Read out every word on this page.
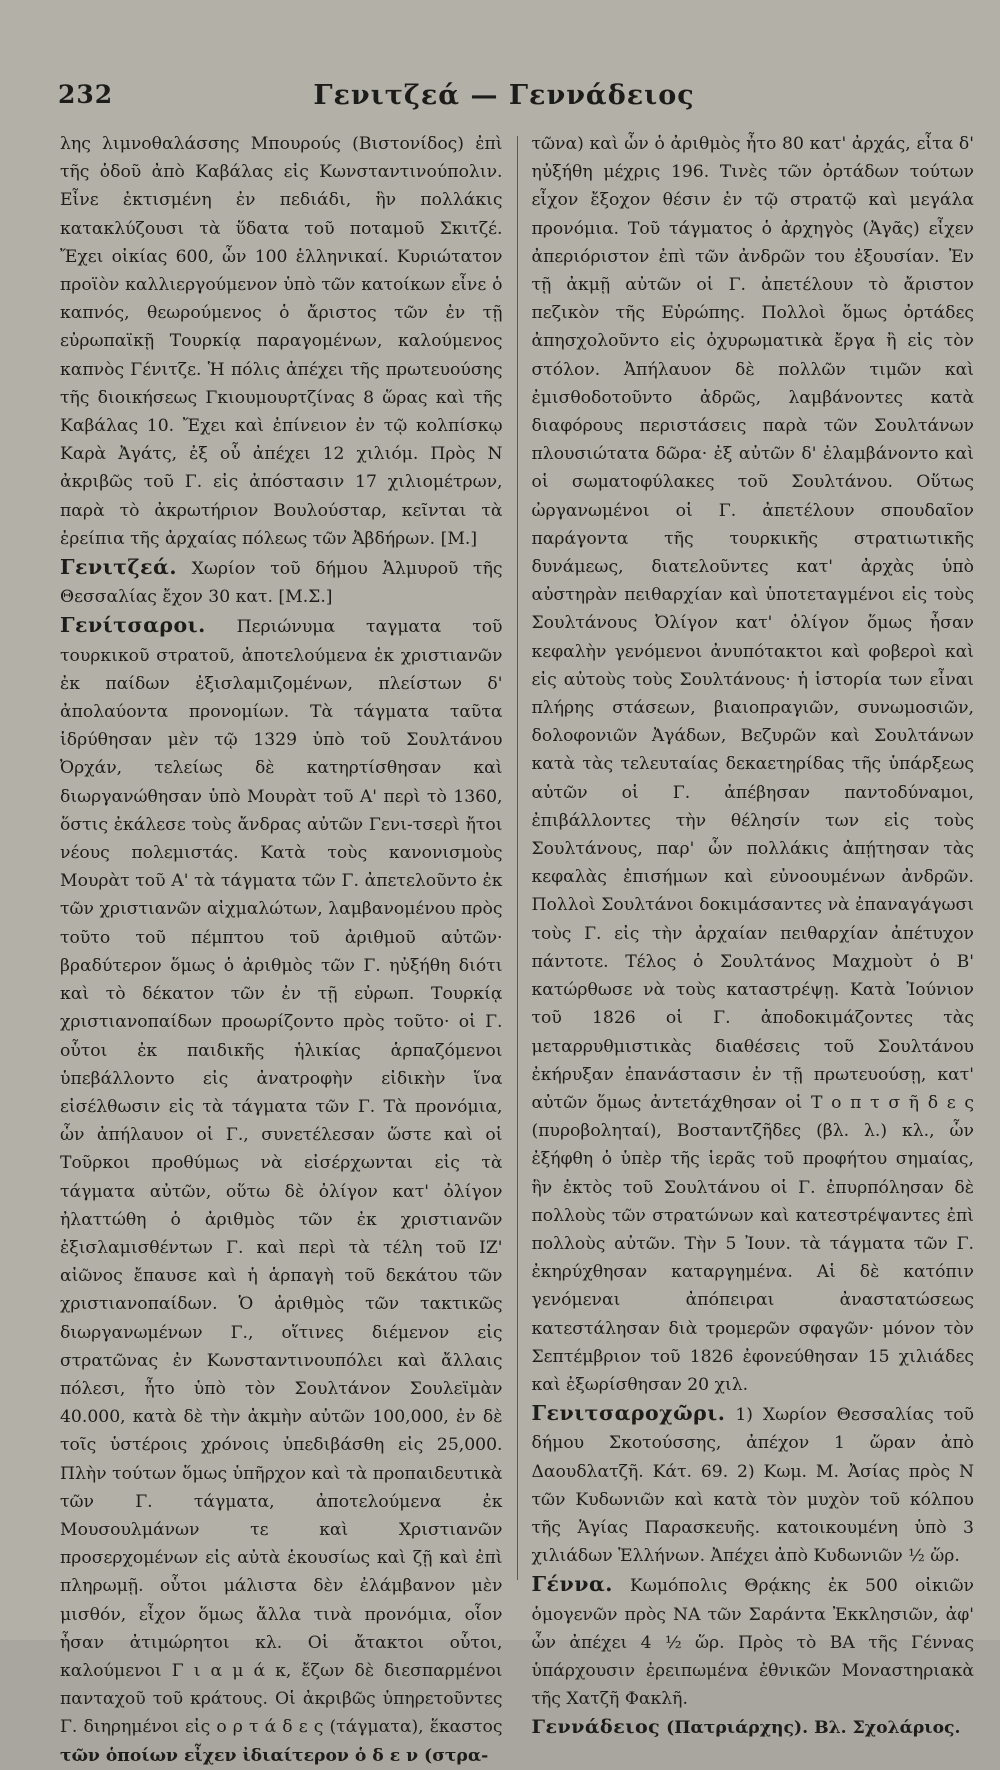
232	Γενιτζεά — Γεννάδειος

λης λιμνοθαλάσσης Μπουρούς (Βιστονίδος) ἐπὶ τῆς ὁδοῦ ἀπὸ Καβάλας εἰς Κωνσταντινούπολιν. Εἶνε ἐκτισμένη ἐν πεδιάδι, ἣν πολλάκις κατακλύζουσι τὰ ὕδατα τοῦ ποταμοῦ Σκιτζέ. Ἔχει οἰκίας 600, ὧν 100 ἑλληνικαί. Κυριώτατον προϊὸν καλλιεργούμενον ὑπὸ τῶν κατοίκων εἶνε ὁ καπνός, θεωρούμενος ὁ ἄριστος τῶν ἐν τῇ εὐρωπαϊκῇ Τουρκίᾳ παραγομένων, καλούμενος καπνὸς Γένιτζε. Ἡ πόλις ἀπέχει τῆς πρωτευούσης τῆς διοικήσεως Γκιουμουρτζίνας 8 ὥρας καὶ τῆς Καβάλας 10. Ἔχει καὶ ἐπίνειον ἐν τῷ κολπίσκῳ Καρὰ Ἀγάτς, ἐξ οὗ ἀπέχει 12 χιλιόμ. Πρὸς Ν ἀκριβῶς τοῦ Γ. εἰς ἀπόστασιν 17 χιλιομέτρων, παρὰ τὸ ἀκρωτήριον Βουλούσταρ, κεῖνται τὰ ἐρείπια τῆς ἀρχαίας πόλεως τῶν Ἀβδήρων. [Μ.]

Γενιτζεά. Χωρίον τοῦ δήμου Ἁλμυροῦ τῆς Θεσσαλίας ἔχον 30 κατ. [Μ.Σ.]

Γενίτσαροι. Περιώνυμα ταγματα τοῦ τουρκικοῦ στρατοῦ, ἀποτελούμενα ἐκ χριστιανῶν ἐκ παίδων ἐξισλαμιζομένων, πλείστων δ' ἀπολαύοντα προνομίων. Τὰ τάγματα ταῦτα ἱδρύθησαν μὲν τῷ 1329 ὑπὸ τοῦ Σουλτάνου Ὀρχάν, τελείως δὲ κατηρτίσθησαν καὶ διωργανώθησαν ὑπὸ Μουρὰτ τοῦ Α' περὶ τὸ 1360, ὅστις ἐκάλεσε τοὺς ἄνδρας αὐτῶν Γενι-τσερὶ ἤτοι νέους πολεμιστάς. Κατὰ τοὺς κανονισμοὺς Μουρὰτ τοῦ Α' τὰ τάγματα τῶν Γ. ἀπετελοῦντο ἐκ τῶν χριστιανῶν αἰχμαλώτων, λαμβανομένου πρὸς τοῦτο τοῦ πέμπτου τοῦ ἀριθμοῦ αὐτῶν· βραδύτερον ὅμως ὁ ἀριθμὸς τῶν Γ. ηὐξήθη διότι καὶ τὸ δέκατον τῶν ἐν τῇ εὐρωπ. Τουρκίᾳ χριστιανοπαίδων προωρίζοντο πρὸς τοῦτο· οἱ Γ. οὗτοι ἐκ παιδικῆς ἡλικίας ἁρπαζόμενοι ὑπεβάλλοντο εἰς ἀνατροφὴν εἰδικὴν ἵνα εἰσέλθωσιν εἰς τὰ τάγματα τῶν Γ. Τὰ προνόμια, ὧν ἀπήλαυον οἱ Γ., συνετέλεσαν ὥστε καὶ οἱ Τοῦρκοι προθύμως νὰ εἰσέρχωνται εἰς τὰ τάγματα αὐτῶν, οὕτω δὲ ὀλίγον κατ' ὀλίγον ἠλαττώθη ὁ ἀριθμὸς τῶν ἐκ χριστιανῶν ἐξισλαμισθέντων Γ. καὶ περὶ τὰ τέλη τοῦ ΙΖ' αἰῶνος ἔπαυσε καὶ ἡ ἁρπαγὴ τοῦ δεκάτου τῶν χριστιανοπαίδων. Ὁ ἀριθμὸς τῶν τακτικῶς διωργανωμένων Γ., οἵτινες διέμενον εἰς στρατῶνας ἐν Κωνσταντινουπόλει καὶ ἄλλαις πόλεσι, ἦτο ὑπὸ τὸν Σουλτάνον Σουλεϊμὰν 40.000, κατὰ δὲ τὴν ἀκμὴν αὐτῶν 100,000, ἐν δὲ τοῖς ὑστέροις χρόνοις ὑπεδιβάσθη εἰς 25,000. Πλὴν τούτων ὅμως ὑπῆρχον καὶ τὰ προπαιδευτικὰ τῶν Γ. τάγματα, ἀποτελούμενα ἐκ Μουσουλμάνων τε καὶ Χριστιανῶν προσερχομένων εἰς αὐτὰ ἑκουσίως καὶ ζῇ καὶ ἐπὶ πληρωμῇ. οὗτοι μάλιστα δὲν ἐλάμβανον μὲν μισθόν, εἶχον ὅμως ἄλλα τινὰ προνόμια, οἷον ἦσαν ἀτιμώρητοι κλ. Οἱ ἄτακτοι οὗτοι, καλούμενοι Γ ι α μ ά κ, ἔζων δὲ διεσπαρμένοι πανταχοῦ τοῦ κράτους. Οἱ ἀκριβῶς ὑπηρετοῦντες Γ. διηρημένοι εἰς ο ρ τ ά δ ε ς (τάγματα), ἕκαστος τῶν ὁποίων εἶχεν ἰδιαίτερον ὁ δ ε ν (στρα-

τῶνα) καὶ ὧν ὁ ἀριθμὸς ἦτο 80 κατ' ἀρχάς, εἶτα δ' ηὐξήθη μέχρις 196. Τινὲς τῶν ὀρτάδων τούτων εἶχον ἔξοχον θέσιν ἐν τῷ στρατῷ καὶ μεγάλα προνόμια. Τοῦ τάγματος ὁ ἀρχηγὸς (Ἀγᾶς) εἶχεν ἀπεριόριστον ἐπὶ τῶν ἀνδρῶν του ἐξουσίαν. Ἐν τῇ ἀκμῇ αὐτῶν οἱ Γ. ἀπετέλουν τὸ ἄριστον πεζικὸν τῆς Εὐρώπης. Πολλοὶ ὅμως ὀρτάδες ἀπησχολοῦντο εἰς ὀχυρωματικὰ ἔργα ἢ εἰς τὸν στόλον. Ἀπήλαυον δὲ πολλῶν τιμῶν καὶ ἐμισθοδοτοῦντο ἀδρῶς, λαμβάνοντες κατὰ διαφόρους περιστάσεις παρὰ τῶν Σουλτάνων πλουσιώτατα δῶρα· ἐξ αὐτῶν δ' ἐλαμβάνοντο καὶ οἱ σωματοφύλακες τοῦ Σουλτάνου. Οὕτως ὠργανωμένοι οἱ Γ. ἀπετέλουν σπουδαῖον παράγοντα τῆς τουρκικῆς στρατιωτικῆς δυνάμεως, διατελοῦντες κατ' ἀρχὰς ὑπὸ αὐστηρὰν πειθαρχίαν καὶ ὑποτεταγμένοι εἰς τοὺς Σουλτάνους Ὀλίγον κατ' ὀλίγον ὅμως ἦσαν κεφαλὴν γενόμενοι ἀνυπότακτοι καὶ φοβεροὶ καὶ εἰς αὐτοὺς τοὺς Σουλτάνους· ἡ ἱστορία των εἶναι πλήρης στάσεων, βιαιοπραγιῶν, συνωμοσιῶν, δολοφονιῶν Ἀγάδων, Βεζυρῶν καὶ Σουλτάνων κατὰ τὰς τελευταίας δεκαετηρίδας τῆς ὑπάρξεως αὐτῶν οἱ Γ. ἀπέβησαν παντοδύναμοι, ἐπιβάλλοντες τὴν θέλησίν των εἰς τοὺς Σουλτάνους, παρ' ὧν πολλάκις ἀπῄτησαν τὰς κεφαλὰς ἐπισήμων καὶ εὐνοουμένων ἀνδρῶν. Πολλοὶ Σουλτάνοι δοκιμάσαντες νὰ ἐπαναγάγωσι τοὺς Γ. εἰς τὴν ἀρχαίαν πειθαρχίαν ἀπέτυχον πάντοτε. Τέλος ὁ Σουλτάνος Μαχμοὺτ ὁ Β' κατώρθωσε νὰ τοὺς καταστρέψῃ. Κατὰ Ἰούνιον τοῦ 1826 οἱ Γ. ἀποδοκιμάζοντες τὰς μεταρρυθμιστικὰς διαθέσεις τοῦ Σουλτάνου ἐκήρυξαν ἐπανάστασιν ἐν τῇ πρωτευούσῃ, κατ' αὐτῶν ὅμως ἀντετάχθησαν οἱ Τ ο π τ σ ῆ δ ε ς (πυροβοληταί), Βοσταντζῆδες (βλ. λ.) κλ., ὧν ἐξήφθη ὁ ὑπὲρ τῆς ἱερᾶς τοῦ προφήτου σημαίας, ἣν ἐκτὸς τοῦ Σουλτάνου οἱ Γ. ἐπυρπόλησαν δὲ πολλοὺς τῶν στρατώνων καὶ κατεστρέψαντες ἐπὶ πολλοὺς αὐτῶν. Τὴν 5 Ἰουν. τὰ τάγματα τῶν Γ. ἐκηρύχθησαν καταργημένα. Αἱ δὲ κατόπιν γενόμεναι ἀπόπειραι ἀναστατώσεως κατεστάλησαν διὰ τρομερῶν σφαγῶν· μόνον τὸν Σεπτέμβριον τοῦ 1826 ἐφονεύθησαν 15 χιλιάδες καὶ ἐξωρίσθησαν 20 χιλ.

Γενιτσαροχῶρι. 1) Χωρίον Θεσσαλίας τοῦ δήμου Σκοτούσσης, ἀπέχον 1 ὥραν ἀπὸ Δαουδλατζῆ. Κάτ. 69. 2) Κωμ. Μ. Ἀσίας πρὸς Ν τῶν Κυδωνιῶν καὶ κατὰ τὸν μυχὸν τοῦ κόλπου τῆς Ἁγίας Παρασκευῆς. κατοικουμένη ὑπὸ 3 χιλιάδων Ἑλλήνων. Ἀπέχει ἀπὸ Κυδωνιῶν ½ ὥρ.

Γέννα. Κωμόπολις Θρᾴκης ἐκ 500 οἰκιῶν ὁμογενῶν πρὸς ΝΑ τῶν Σαράντα Ἐκκλησιῶν, ἀφ' ὧν ἀπέχει 4 ½ ὥρ. Πρὸς τὸ ΒΑ τῆς Γέννας ὑπάρχουσιν ἐρειπωμένα ἐθνικῶν Μοναστηριακὰ τῆς Χατζῆ Φακλῆ.

Γεννάδειος (Πατριάρχης). Βλ. Σχολάριος.
